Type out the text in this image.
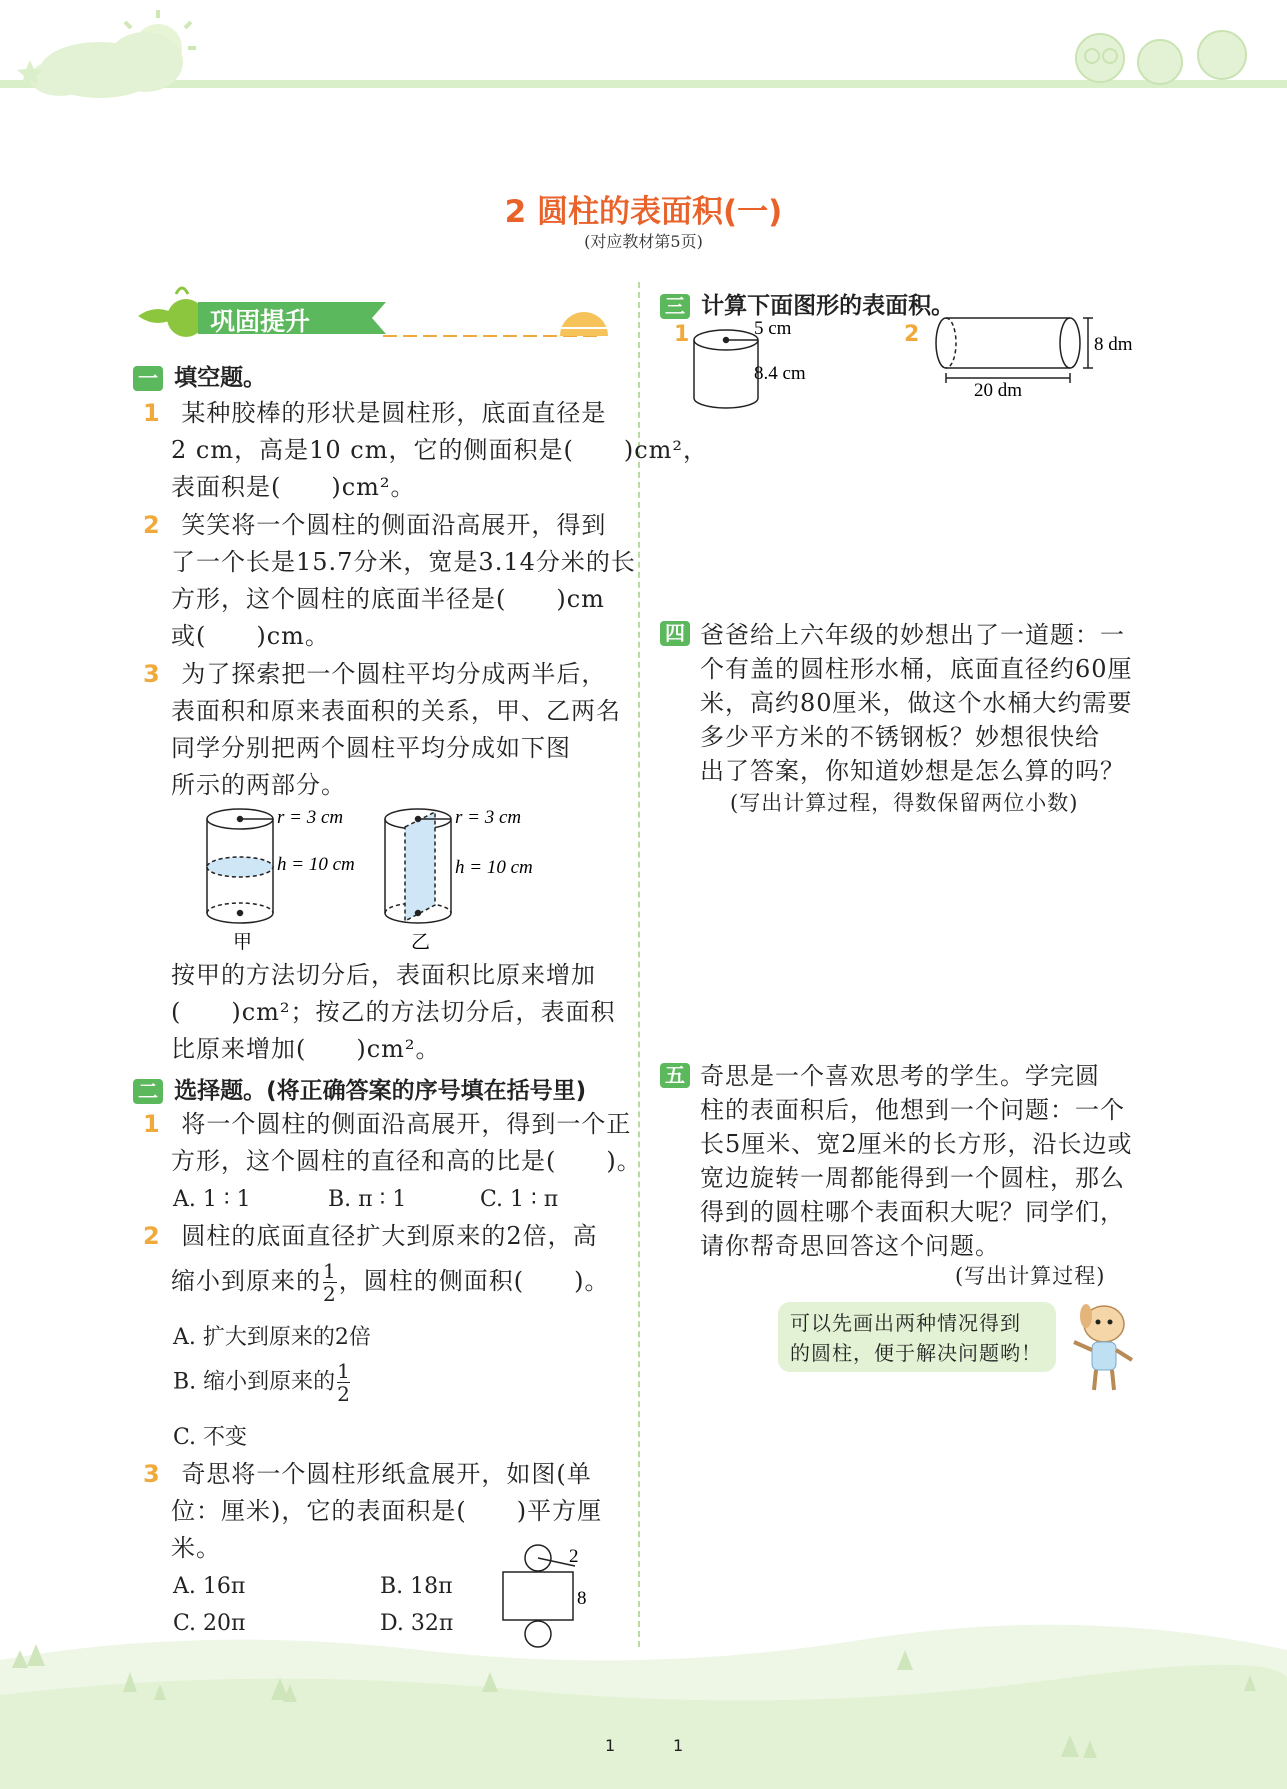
2 圆柱的表面积(一)
(对应教材第5页)
巩固提升
一 填空题。
1 某种胶棒的形状是圆柱形，底面直径是
2 cm，高是10 cm，它的侧面积是(　　)cm²，
表面积是(　　)cm²。
2 笑笑将一个圆柱的侧面沿高展开，得到
了一个长是15.7分米，宽是3.14分米的长
方形，这个圆柱的底面半径是(　　)cm
或(　　)cm。
3 为了探索把一个圆柱平均分成两半后，
表面积和原来表面积的关系，甲、乙两名
同学分别把两个圆柱平均分成如下图
所示的两部分。
r = 3 cm
h = 10 cm
甲
r = 3 cm
h = 10 cm
乙
按甲的方法切分后，表面积比原来增加
(　　)cm²；按乙的方法切分后，表面积
比原来增加(　　)cm²。
二 选择题。(将正确答案的序号填在括号里)
1 将一个圆柱的侧面沿高展开，得到一个正
方形，这个圆柱的直径和高的比是(　　)。
A. 1 ∶ 1	B. π ∶ 1	C. 1 ∶ π
2 圆柱的底面直径扩大到原来的2倍，高
缩小到原来的 $\frac{1}{2}$ ，圆柱的侧面积(　　)。
A. 扩大到原来的2倍
B. 缩小到原来的 $\frac{1}{2}$
C. 不变
3 奇思将一个圆柱形纸盒展开，如图(单
位：厘米)，它的表面积是(　　)平方厘
米。
A. 16π	B. 18π
C. 20π	D. 32π
2
8
三 计算下面图形的表面积。
1	5 cm
8.4 cm
2	8 dm
20 dm
四 爸爸给上六年级的妙想出了一道题：一
个有盖的圆柱形水桶，底面直径约60厘
米，高约80厘米，做这个水桶大约需要
多少平方米的不锈钢板？妙想很快给
出了答案，你知道妙想是怎么算的吗？
(写出计算过程，得数保留两位小数)
五 奇思是一个喜欢思考的学生。学完圆
柱的表面积后，他想到一个问题：一个
长5厘米、宽2厘米的长方形，沿长边或
宽边旋转一周都能得到一个圆柱，那么
得到的圆柱哪个表面积大呢？同学们，
请你帮奇思回答这个问题。
(写出计算过程)
可以先画出两种情况得到
的圆柱，便于解决问题哟！
1	1
